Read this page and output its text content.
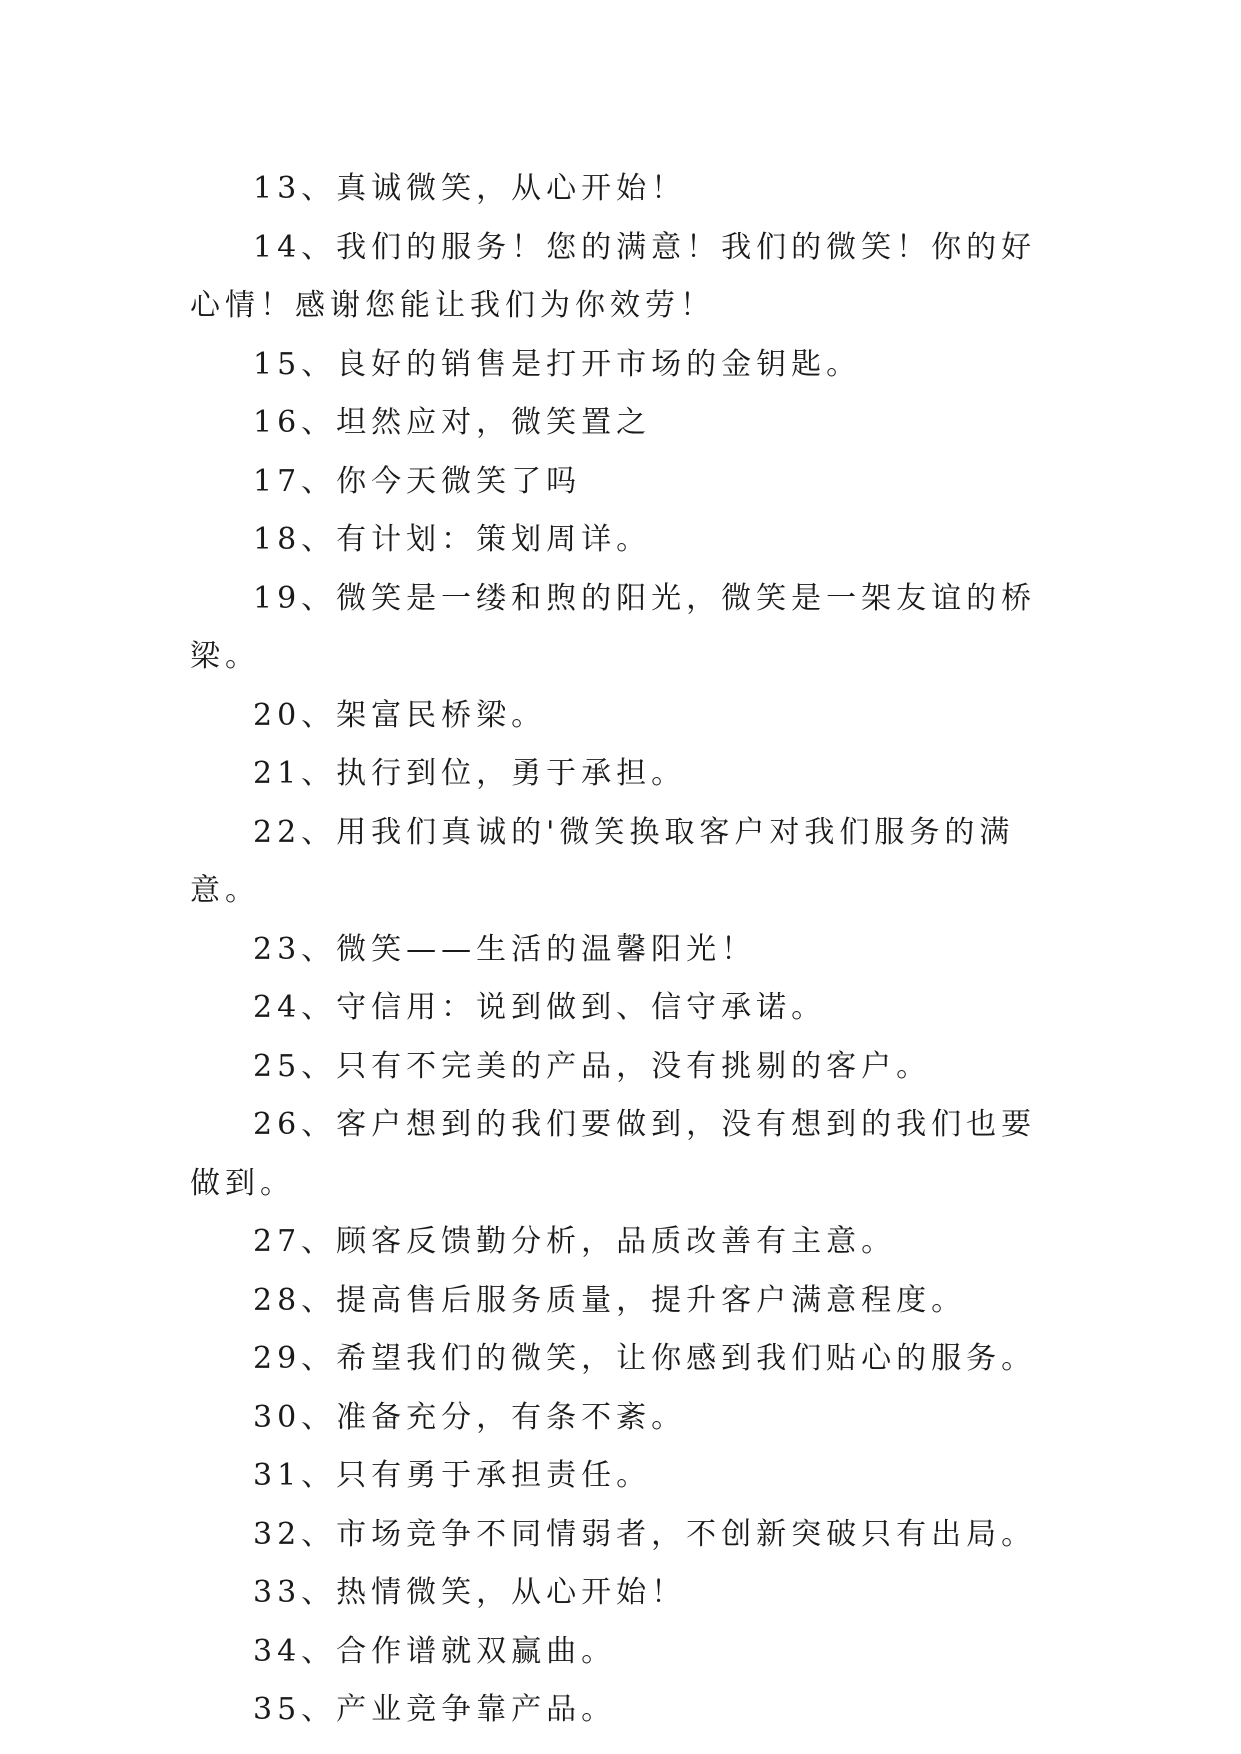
13、真诚微笑，从心开始！
14、我们的服务！您的满意！我们的微笑！你的好心情！感谢您能让我们为你效劳！
15、良好的销售是打开市场的金钥匙。
16、坦然应对，微笑置之
17、你今天微笑了吗
18、有计划：策划周详。
19、微笑是一缕和煦的阳光，微笑是一架友谊的桥梁。
20、架富民桥梁。
21、执行到位，勇于承担。
22、用我们真诚的'微笑换取客户对我们服务的满意。
23、微笑——生活的温馨阳光！
24、守信用：说到做到、信守承诺。
25、只有不完美的产品，没有挑剔的客户。
26、客户想到的我们要做到，没有想到的我们也要做到。
27、顾客反馈勤分析，品质改善有主意。
28、提高售后服务质量，提升客户满意程度。
29、希望我们的微笑，让你感到我们贴心的服务。
30、准备充分，有条不紊。
31、只有勇于承担责任。
32、市场竞争不同情弱者，不创新突破只有出局。
33、热情微笑，从心开始！
34、合作谱就双赢曲。
35、产业竞争靠产品。
